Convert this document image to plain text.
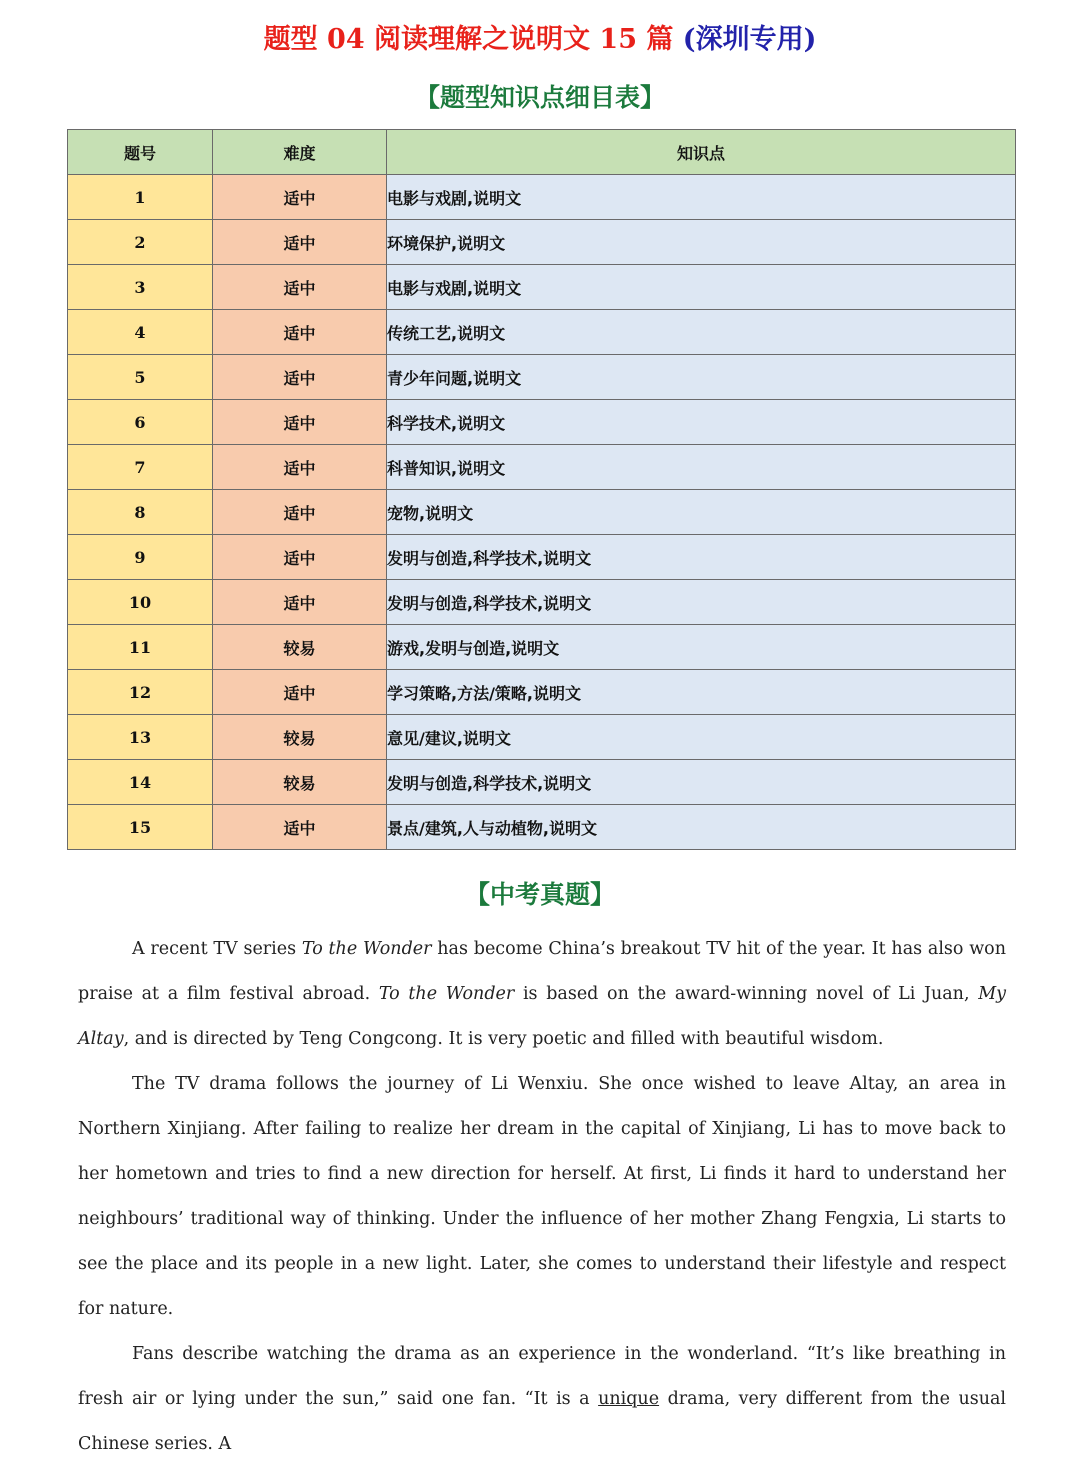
题型 04 阅读理解之说明文 15 篇 (深圳专用)
【题型知识点细目表】
题号	难度	知识点
1	适中	电影与戏剧,说明文
2	适中	环境保护,说明文
3	适中	电影与戏剧,说明文
4	适中	传统工艺,说明文
5	适中	青少年问题,说明文
6	适中	科学技术,说明文
7	适中	科普知识,说明文
8	适中	宠物,说明文
9	适中	发明与创造,科学技术,说明文
10	适中	发明与创造,科学技术,说明文
11	较易	游戏,发明与创造,说明文
12	适中	学习策略,方法/策略,说明文
13	较易	意见/建议,说明文
14	较易	发明与创造,科学技术,说明文
15	适中	景点/建筑,人与动植物,说明文
【中考真题】

A recent TV series To the Wonder has become China’s breakout TV hit of the year. It has also won praise at a film festival abroad. To the Wonder is based on the award-winning novel of Li Juan, My Altay, and is directed by Teng Congcong. It is very poetic and filled with beautiful wisdom.

The TV drama follows the journey of Li Wenxiu. She once wished to leave Altay, an area in Northern Xinjiang. After failing to realize her dream in the capital of Xinjiang, Li has to move back to her hometown and tries to find a new direction for herself. At first, Li finds it hard to understand her neighbours’ traditional way of thinking. Under the influence of her mother Zhang Fengxia, Li starts to see the place and its people in a new light. Later, she comes to understand their lifestyle and respect for nature.

Fans describe watching the drama as an experience in the wonderland. “It’s like breathing in fresh air or lying under the sun,” said one fan. “It is a unique drama, very different from the usual Chinese series. A
